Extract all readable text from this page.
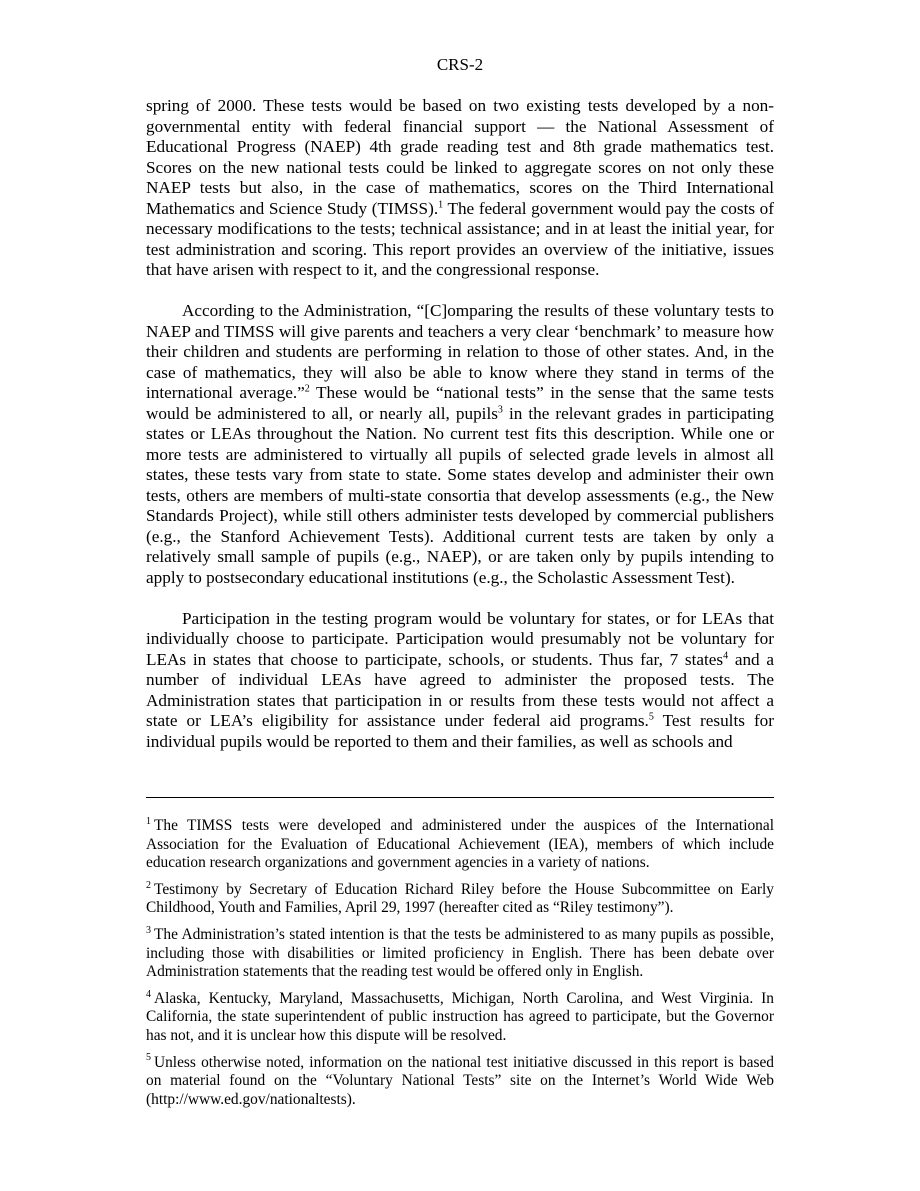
CRS-2

spring of 2000. These tests would be based on two existing tests developed by a non-governmental entity with federal financial support — the National Assessment of Educational Progress (NAEP) 4th grade reading test and 8th grade mathematics test. Scores on the new national tests could be linked to aggregate scores on not only these NAEP tests but also, in the case of mathematics, scores on the Third International Mathematics and Science Study (TIMSS).$^1$ The federal government would pay the costs of necessary modifications to the tests; technical assistance; and in at least the initial year, for test administration and scoring. This report provides an overview of the initiative, issues that have arisen with respect to it, and the congressional response.

According to the Administration, “[C]omparing the results of these voluntary tests to NAEP and TIMSS will give parents and teachers a very clear ‘benchmark’ to measure how their children and students are performing in relation to those of other states. And, in the case of mathematics, they will also be able to know where they stand in terms of the international average.”$^2$ These would be “national tests” in the sense that the same tests would be administered to all, or nearly all, pupils$^3$ in the relevant grades in participating states or LEAs throughout the Nation. No current test fits this description. While one or more tests are administered to virtually all pupils of selected grade levels in almost all states, these tests vary from state to state. Some states develop and administer their own tests, others are members of multi-state consortia that develop assessments (e.g., the New Standards Project), while still others administer tests developed by commercial publishers (e.g., the Stanford Achievement Tests). Additional current tests are taken by only a relatively small sample of pupils (e.g., NAEP), or are taken only by pupils intending to apply to postsecondary educational institutions (e.g., the Scholastic Assessment Test).

Participation in the testing program would be voluntary for states, or for LEAs that individually choose to participate. Participation would presumably not be voluntary for LEAs in states that choose to participate, schools, or students. Thus far, 7 states$^4$ and a number of individual LEAs have agreed to administer the proposed tests. The Administration states that participation in or results from these tests would not affect a state or LEA’s eligibility for assistance under federal aid programs.$^5$ Test results for individual pupils would be reported to them and their families, as well as schools and

$^1$ The TIMSS tests were developed and administered under the auspices of the International Association for the Evaluation of Educational Achievement (IEA), members of which include education research organizations and government agencies in a variety of nations.
$^2$ Testimony by Secretary of Education Richard Riley before the House Subcommittee on Early Childhood, Youth and Families, April 29, 1997 (hereafter cited as “Riley testimony”).
$^3$ The Administration’s stated intention is that the tests be administered to as many pupils as possible, including those with disabilities or limited proficiency in English. There has been debate over Administration statements that the reading test would be offered only in English.
$^4$ Alaska, Kentucky, Maryland, Massachusetts, Michigan, North Carolina, and West Virginia. In California, the state superintendent of public instruction has agreed to participate, but the Governor has not, and it is unclear how this dispute will be resolved.
$^5$ Unless otherwise noted, information on the national test initiative discussed in this report is based on material found on the “Voluntary National Tests” site on the Internet’s World Wide Web (http://www.ed.gov/nationaltests).
